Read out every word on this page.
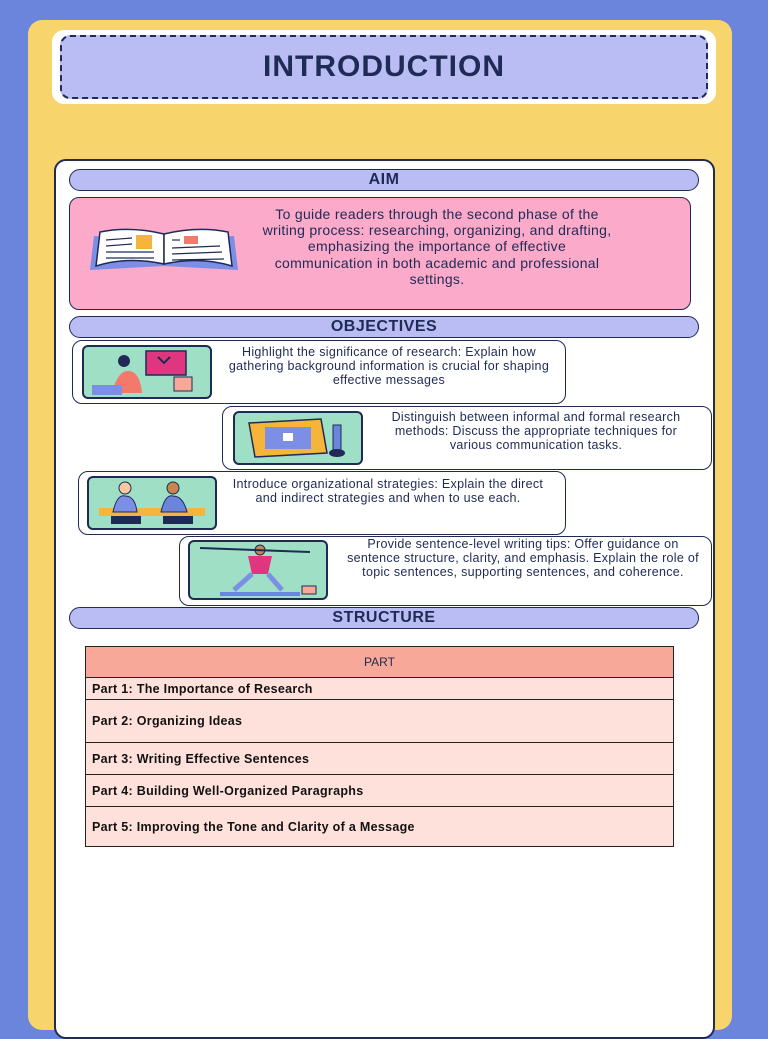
INTRODUCTION
AIM
To guide readers through the second phase of the writing process: researching, organizing, and drafting, emphasizing the importance of effective communication in both academic and professional settings.
OBJECTIVES
Highlight the significance of research: Explain how gathering background information is crucial for shaping effective messages
Distinguish between informal and formal research methods: Discuss the appropriate techniques for various communication tasks.
Introduce organizational strategies: Explain the direct and indirect strategies and when to use each.
Provide sentence-level writing tips: Offer guidance on sentence structure, clarity, and emphasis. Explain the role of topic sentences, supporting sentences, and coherence.
STRUCTURE
PART
Part 1: The Importance of Research
Part 2: Organizing Ideas
Part 3: Writing Effective Sentences
Part 4: Building Well-Organized Paragraphs
Part 5: Improving the Tone and Clarity of a Message
